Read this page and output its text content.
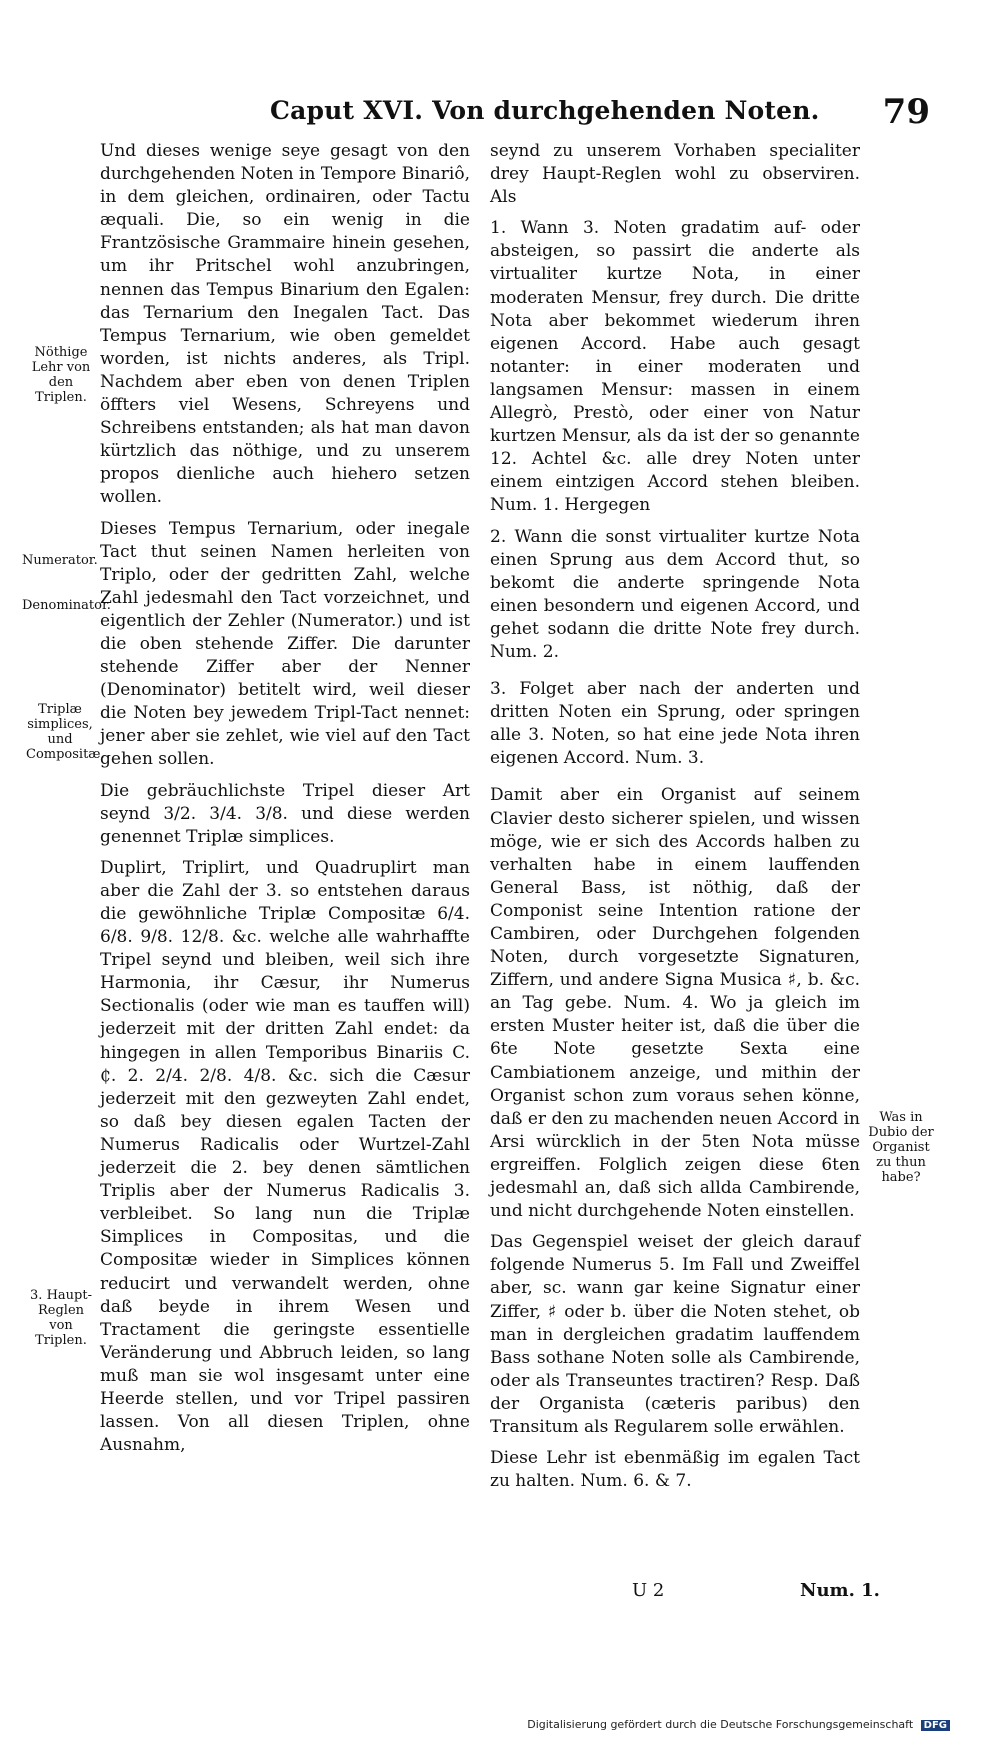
Caput XVI. Von durchgehenden Noten. 79

Und dieses wenige seye gesagt von den durchgehenden Noten in Tempore Binariô, in dem gleichen, ordinairen, oder Tactu æquali. Die, so ein wenig in die Frantzösische Grammaire hinein gesehen, um ihr Pritschel wohl anzubringen, nennen das Tempus Binarium den Egalen: das Ternarium den Inegalen Tact. Das Tempus Ternarium, wie oben gemeldet worden, ist nichts anderes, als Tripl. Nachdem aber eben von denen Triplen öffters viel Wesens, Schreyens und Schreibens entstanden; als hat man davon kürtzlich das nöthige, und zu unserem propos dienliche auch hiehero setzen wollen.

Dieses Tempus Ternarium, oder inegale Tact thut seinen Namen herleiten von Triplo, oder der gedritten Zahl, welche Zahl jedesmahl den Tact vorzeichnet, und eigentlich der Zehler (Numerator.) und ist die oben stehende Ziffer. Die darunter stehende Ziffer aber der Nenner (Denominator) betitelt wird, weil dieser die Noten bey jewedem Tripl-Tact nennet: jener aber sie zehlet, wie viel auf den Tact gehen sollen.

Die gebräuchlichste Tripel dieser Art seynd 3/2. 3/4. 3/8. und diese werden genennet Triplæ simplices.

Duplirt, Triplirt, und Quadruplirt man aber die Zahl der 3. so entstehen daraus die gewöhnliche Triplæ Compositæ 6/4. 6/8. 9/8. 12/8. &c. welche alle wahrhaffte Tripel seynd und bleiben, weil sich ihre Harmonia, ihr Cæsur, ihr Numerus Sectionalis (oder wie man es tauffen will) jederzeit mit der dritten Zahl endet: da hingegen in allen Temporibus Binariis C. ₵. 2. 2/4. 2/8. 4/8. &c. sich die Cæsur jederzeit mit den gezweyten Zahl endet, so daß bey diesen egalen Tacten der Numerus Radicalis oder Wurtzel-Zahl jederzeit die 2. bey denen sämtlichen Triplis aber der Numerus Radicalis 3. verbleibet. So lang nun die Triplæ Simplices in Compositas, und die Compositæ wieder in Simplices können reducirt und verwandelt werden, ohne daß beyde in ihrem Wesen und Tractament die geringste essentielle Veränderung und Abbruch leiden, so lang muß man sie wol insgesamt unter eine Heerde stellen, und vor Tripel passiren lassen. Von all diesen Triplen, ohne Ausnahm,

seynd zu unserem Vorhaben specialiter drey Haupt-Reglen wohl zu observiren. Als

1. Wann 3. Noten gradatim auf- oder absteigen, so passirt die anderte als virtualiter kurtze Nota, in einer moderaten Mensur, frey durch. Die dritte Nota aber bekommet wiederum ihren eigenen Accord. Habe auch gesagt notanter: in einer moderaten und langsamen Mensur: massen in einem Allegrò, Prestò, oder einer von Natur kurtzen Mensur, als da ist der so genannte 12. Achtel &c. alle drey Noten unter einem eintzigen Accord stehen bleiben. Num. 1. Hergegen

2. Wann die sonst virtualiter kurtze Nota einen Sprung aus dem Accord thut, so bekomt die anderte springende Nota einen besondern und eigenen Accord, und gehet sodann die dritte Note frey durch. Num. 2.

3. Folget aber nach der anderten und dritten Noten ein Sprung, oder springen alle 3. Noten, so hat eine jede Nota ihren eigenen Accord. Num. 3.

Damit aber ein Organist auf seinem Clavier desto sicherer spielen, und wissen möge, wie er sich des Accords halben zu verhalten habe in einem lauffenden General Bass, ist nöthig, daß der Componist seine Intention ratione der Cambiren, oder Durchgehen folgenden Noten, durch vorgesetzte Signaturen, Ziffern, und andere Signa Musica ♯, b. &c. an Tag gebe. Num. 4. Wo ja gleich im ersten Muster heiter ist, daß die über die 6te Note gesetzte Sexta eine Cambiationem anzeige, und mithin der Organist schon zum voraus sehen könne, daß er den zu machenden neuen Accord in Arsi würcklich in der 5ten Nota müsse ergreiffen. Folglich zeigen diese 6ten jedesmahl an, daß sich allda Cambirende, und nicht durchgehende Noten einstellen.

Das Gegenspiel weiset der gleich darauf folgende Numerus 5. Im Fall und Zweiffel aber, sc. wann gar keine Signatur einer Ziffer, ♯ oder b. über die Noten stehet, ob man in dergleichen gradatim lauffendem Bass sothane Noten solle als Cambirende, oder als Transeuntes tractiren? Resp. Daß der Organista (cæteris paribus) den Transitum als Regularem solle erwählen.

Diese Lehr ist ebenmäßig im egalen Tact zu halten. Num. 6. & 7.

Nöthige Lehr von den Triplen.
Numerator.
Denominator.
Triplæ simplices, und Compositæ.
3. Haupt-Reglen von Triplen.
Was in Dubio der Organist zu thun habe?
U 2	Num. 1.
Digitalisierung gefördert durch die Deutsche Forschungsgemeinschaft DFG
